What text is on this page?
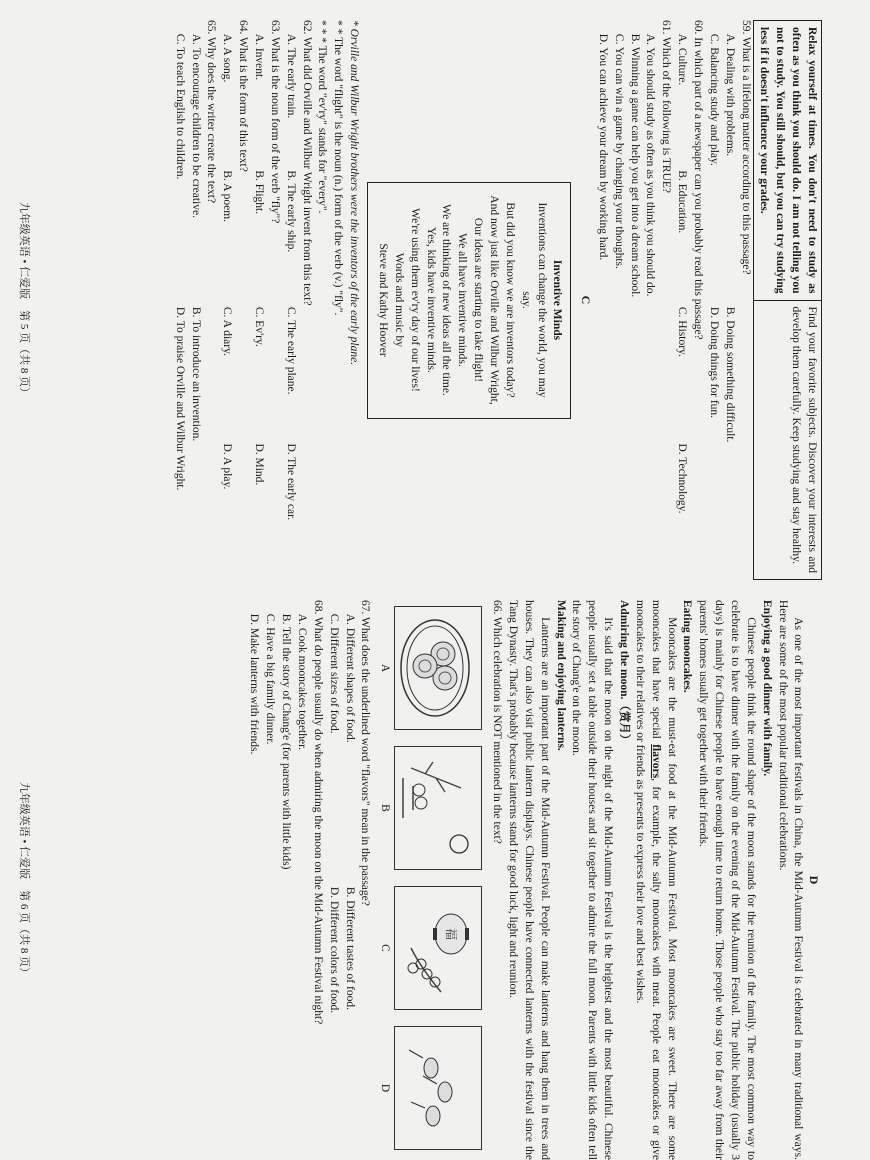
Relax yourself at times. You don't need to study as often as you think you should do. I am not telling you not to study. You still should, but you can try studying less if it doesn't influence your grades.
Find your favorite subjects. Discover your interests and develop them carefully. Keep studying and stay healthy.

59. What is a lifelong matter according to this passage?

A. Dealing with problems.
B. Doing something difficult.
C. Balancing study and play.
D. Doing things for fun.

60. In which part of a newspaper can you probably read this passage?

A. Culture.
B. Education.
C. History.
D. Technology.

61. Which of the following is TRUE?

A. You should study as often as you think you should do.
B. Winning a game can help you get into a dream school.
C. You can win a game by changing your thoughts.
D. You can achieve your dream by working hard.

C

Inventive Minds

Inventions can change the world, you may say.

But did you know we are inventors today?

And now just like Orville and Wilbur Wright,

Our ideas are starting to take flight!

We all have inventive minds.

We are thinking of new ideas all the time.

Yes, kids have inventive minds.

We're using them ev'ry day of our lives!

Words and music by

Steve and Kathy Hoover

* Orville and Wilbur Wright brothers were the inventors of the early plane.

* * The word "flight" is the noun (n.) form of the verb (v.) "fly".

* * * The word "ev'ry" stands for "every".

62. What did Orville and Wilbur Wright invent from this text?

A. The early train.
B. The early ship.
C. The early plane.
D. The early car.

63. What is the noun form of the verb "fly"?

A. Invent.
B. Flight.
C. Ev'ry.
D. Mind.

64. What is the form of this text?

A. A song.
B. A poem.
C. A diary.
D. A play.

65. Why does the writer create the text?

A. To encourage children to be creative.
B. To introduce an invention.
C. To teach English to children.
D. To praise Orville and Wilbur Wright.
九年级英语 • 仁爱版　第 5 页（共 8 页）

D

As one of the most important festivals in China, the Mid-Autumn Festival is celebrated in many traditional ways. Here are some of the most popular traditional celebrations.

Enjoying a good dinner with family.

Chinese people think the round shape of the moon stands for the reunion of the family. The most common way to celebrate is to have dinner with the family on the evening of the Mid-Autumn Festival. The public holiday (usually 3 days) is mainly for Chinese people to have enough time to return home. Those people who stay too far away from their parents' homes usually get together with their friends.

Eating mooncakes.

Mooncakes are the must-eat food at the Mid-Autumn Festival. Most mooncakes are sweet. There are some mooncakes that have special flavors, for example, the salty mooncakes with meat. People eat mooncakes or give mooncakes to their relatives or friends as presents to express their love and best wishes.

Admiring the moon.（赏月）

It's said that the moon on the night of the Mid-Autumn Festival is the brightest and the most beautiful. Chinese people usually set a table outside their houses and sit together to admire the full moon. Parents with little kids often tell the story of Chang'e on the moon.

Making and enjoying lanterns.

Lanterns are an important part of the Mid-Autumn Festival. People can make lanterns and hang them in trees and houses. They can also visit public lantern displays. Chinese people have connected lanterns with the festival since the Tang Dynasty. That's probably because lanterns stand for good luck, light and reunion.

66. Which celebration is NOT mentioned in the text?

福
A
B
C
D

67. What does the underlined word "flavors" mean in the passage?

A. Different shapes of food.
B. Different tastes of food.
C. Different sizes of food.
D. Different colors of food.

68. What do people usually do when admiring the moon on the Mid-Autumn Festival night?

A. Cook mooncakes together.
B. Tell the story of Chang'e (for parents with little kids)
C. Have a big family dinner.
D. Make lanterns with friends.
九年级英语 • 仁爱版　第 6 页（共 8 页）
